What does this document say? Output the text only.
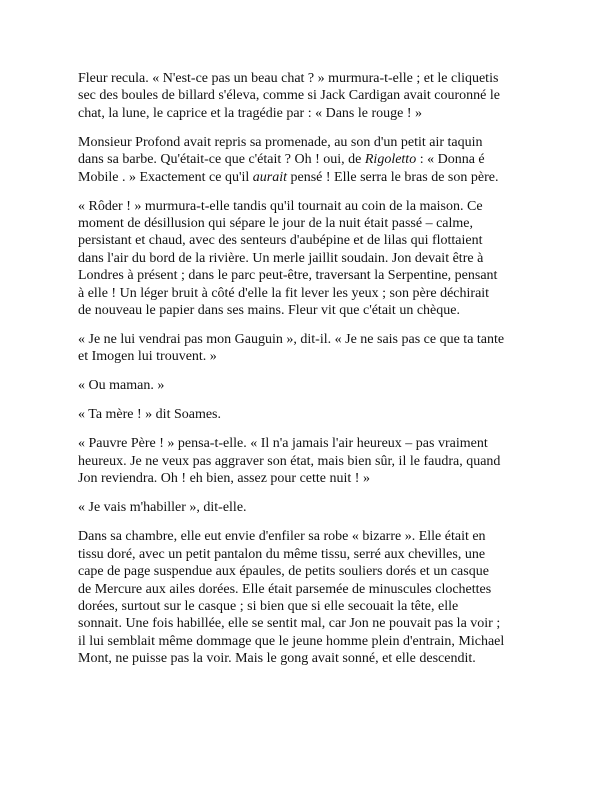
Fleur recula. « N'est-ce pas un beau chat ? » murmura-t-elle ; et le cliquetis
sec des boules de billard s'éleva, comme si Jack Cardigan avait couronné le
chat, la lune, le caprice et la tragédie par : « Dans le rouge ! »

Monsieur Profond avait repris sa promenade, au son d'un petit air taquin
dans sa barbe. Qu'était-ce que c'était ? Oh ! oui, de Rigoletto : « Donna é
Mobile . » Exactement ce qu'il aurait pensé ! Elle serra le bras de son père.

« Rôder ! » murmura-t-elle tandis qu'il tournait au coin de la maison. Ce
moment de désillusion qui sépare le jour de la nuit était passé – calme,
persistant et chaud, avec des senteurs d'aubépine et de lilas qui flottaient
dans l'air du bord de la rivière. Un merle jaillit soudain. Jon devait être à
Londres à présent ; dans le parc peut-être, traversant la Serpentine, pensant
à elle ! Un léger bruit à côté d'elle la fit lever les yeux ; son père déchirait
de nouveau le papier dans ses mains. Fleur vit que c'était un chèque.

« Je ne lui vendrai pas mon Gauguin », dit-il. « Je ne sais pas ce que ta tante
et Imogen lui trouvent. »

« Ou maman. »

« Ta mère ! » dit Soames.

« Pauvre Père ! » pensa-t-elle. « Il n'a jamais l'air heureux – pas vraiment
heureux. Je ne veux pas aggraver son état, mais bien sûr, il le faudra, quand
Jon reviendra. Oh ! eh bien, assez pour cette nuit ! »

« Je vais m'habiller », dit-elle.

Dans sa chambre, elle eut envie d'enfiler sa robe « bizarre ». Elle était en
tissu doré, avec un petit pantalon du même tissu, serré aux chevilles, une
cape de page suspendue aux épaules, de petits souliers dorés et un casque
de Mercure aux ailes dorées. Elle était parsemée de minuscules clochettes
dorées, surtout sur le casque ; si bien que si elle secouait la tête, elle
sonnait. Une fois habillée, elle se sentit mal, car Jon ne pouvait pas la voir ;
il lui semblait même dommage que le jeune homme plein d'entrain, Michael
Mont, ne puisse pas la voir. Mais le gong avait sonné, et elle descendit.
